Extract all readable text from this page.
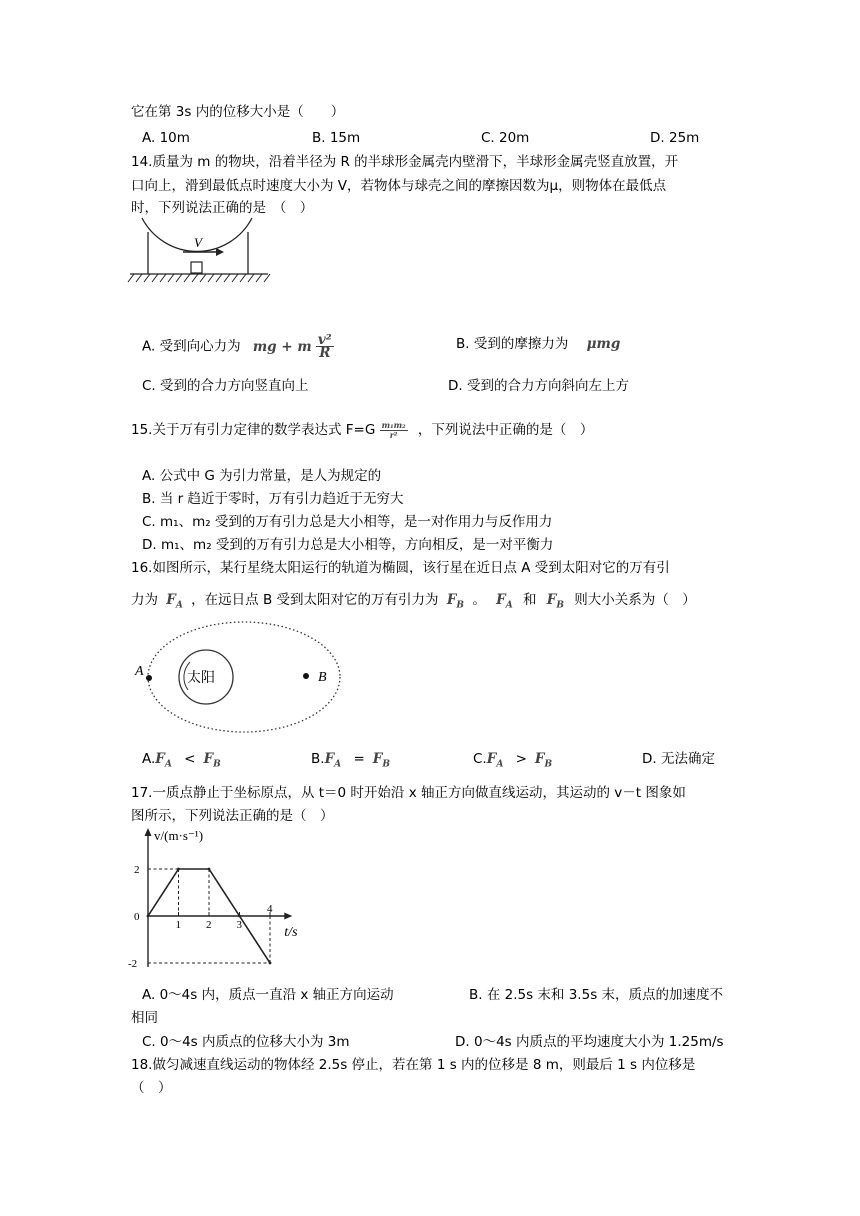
它在第 3s 内的位移大小是（　　）
A. 10m	B. 15m	C. 20m	D. 25m
14.质量为 m 的物块，沿着半径为 R 的半球形金属壳内壁滑下，半球形金属壳竖直放置，开
口向上，滑到最低点时速度大小为 V，若物体与球壳之间的摩擦因数为μ，则物体在最低点
时，下列说法正确的是　（　）
V
A. 受到向心力为 mg + m $\frac{\text{v²}}{R}$	B. 受到的摩擦力为 μmg
C. 受到的合力方向竖直向上	D. 受到的合力方向斜向左上方
15.关于万有引力定律的数学表达式 $F=G \frac{\text{m₁m₂}}{\text{r²}}$ ，下列说法中正确的是（　）
A. 公式中 G 为引力常量，是人为规定的
B. 当 r 趋近于零时，万有引力趋近于无穷大
C. m₁、m₂ 受到的万有引力总是大小相等，是一对作用力与反作用力
D. m₁、m₂ 受到的万有引力总是大小相等，方向相反，是一对平衡力
16.如图所示，某行星绕太阳运行的轨道为椭圆，该行星在近日点 A 受到太阳对它的万有引
力为 $F_A$ ，在远日点 B 受到太阳对它的万有引力为 $F_B$ 。 $F_A$ 和 $F_B$ 则大小关系为（　）
太阳
A	B
$A.F_A < F_B$	$B.F_A = F_B$	$C.F_A > F_B$	D. 无法确定
17.一质点静止于坐标原点，从 t＝0 时开始沿 x 轴正方向做直线运动，其运动的 v－t 图象如
图所示，下列说法正确的是（　）
v/(m·s⁻¹)
t/s
1 2 3
4
2
0
-2
A. 0～4s 内，质点一直沿 x 轴正方向运动	B. 在 2.5s 末和 3.5s 末，质点的加速度不
相同
C. 0～4s 内质点的位移大小为 3m	D. 0～4s 内质点的平均速度大小为 1.25m/s
18.做匀减速直线运动的物体经 2.5s 停止，若在第 1 s 内的位移是 8 m，则最后 1 s 内位移是
（　）
